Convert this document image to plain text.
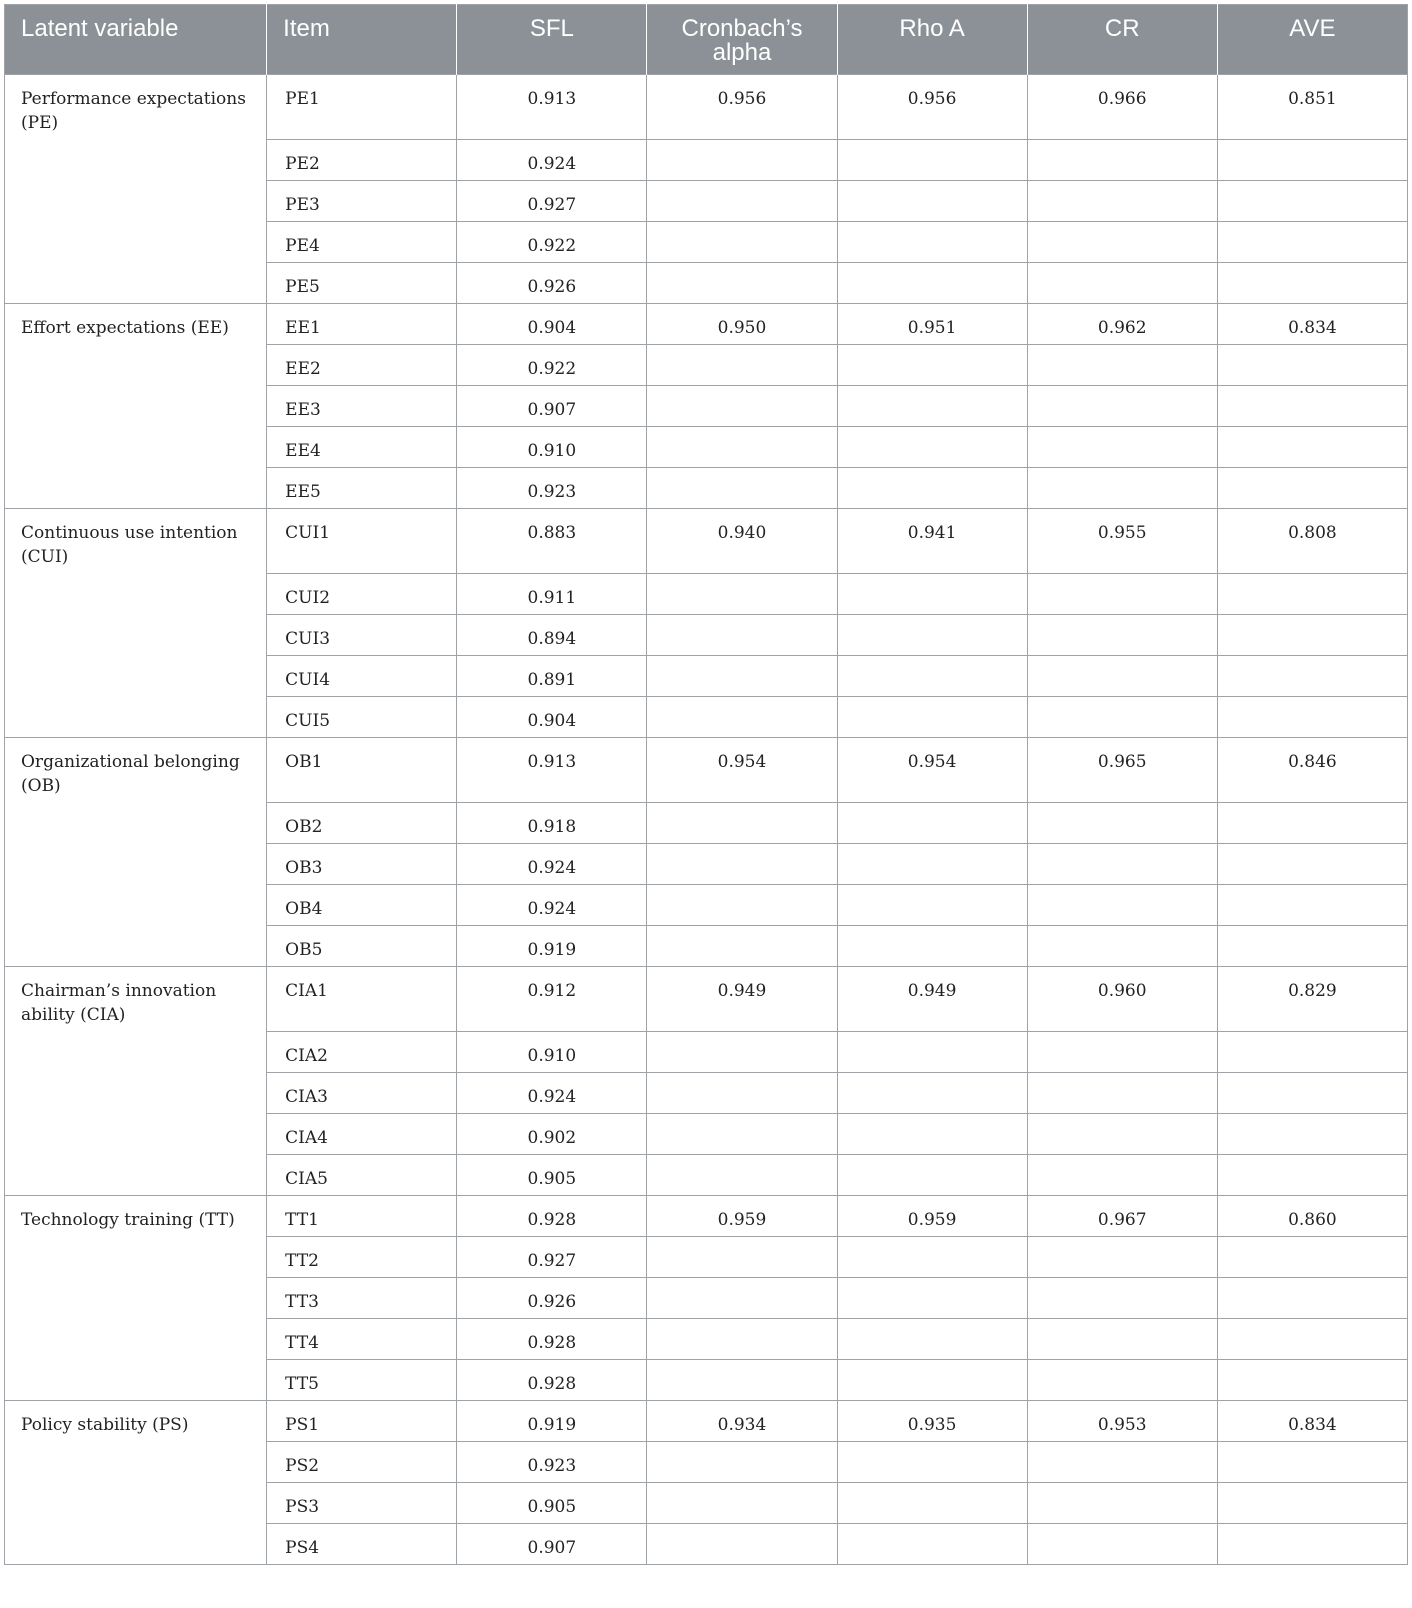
Latent variable	Item	SFL	Cronbach’s alpha	Rho A	CR	AVE
Performance expectations (PE)	PE1	0.913	0.956	0.956	0.966	0.851
	PE2	0.924				
	PE3	0.927				
	PE4	0.922				
	PE5	0.926				
Effort expectations (EE)	EE1	0.904	0.950	0.951	0.962	0.834
	EE2	0.922				
	EE3	0.907				
	EE4	0.910				
	EE5	0.923				
Continuous use intention (CUI)	CUI1	0.883	0.940	0.941	0.955	0.808
	CUI2	0.911				
	CUI3	0.894				
	CUI4	0.891				
	CUI5	0.904				
Organizational belonging (OB)	OB1	0.913	0.954	0.954	0.965	0.846
	OB2	0.918				
	OB3	0.924				
	OB4	0.924				
	OB5	0.919				
Chairman’s innovation ability (CIA)	CIA1	0.912	0.949	0.949	0.960	0.829
	CIA2	0.910				
	CIA3	0.924				
	CIA4	0.902				
	CIA5	0.905				
Technology training (TT)	TT1	0.928	0.959	0.959	0.967	0.860
	TT2	0.927				
	TT3	0.926				
	TT4	0.928				
	TT5	0.928				
Policy stability (PS)	PS1	0.919	0.934	0.935	0.953	0.834
	PS2	0.923				
	PS3	0.905				
	PS4	0.907				
